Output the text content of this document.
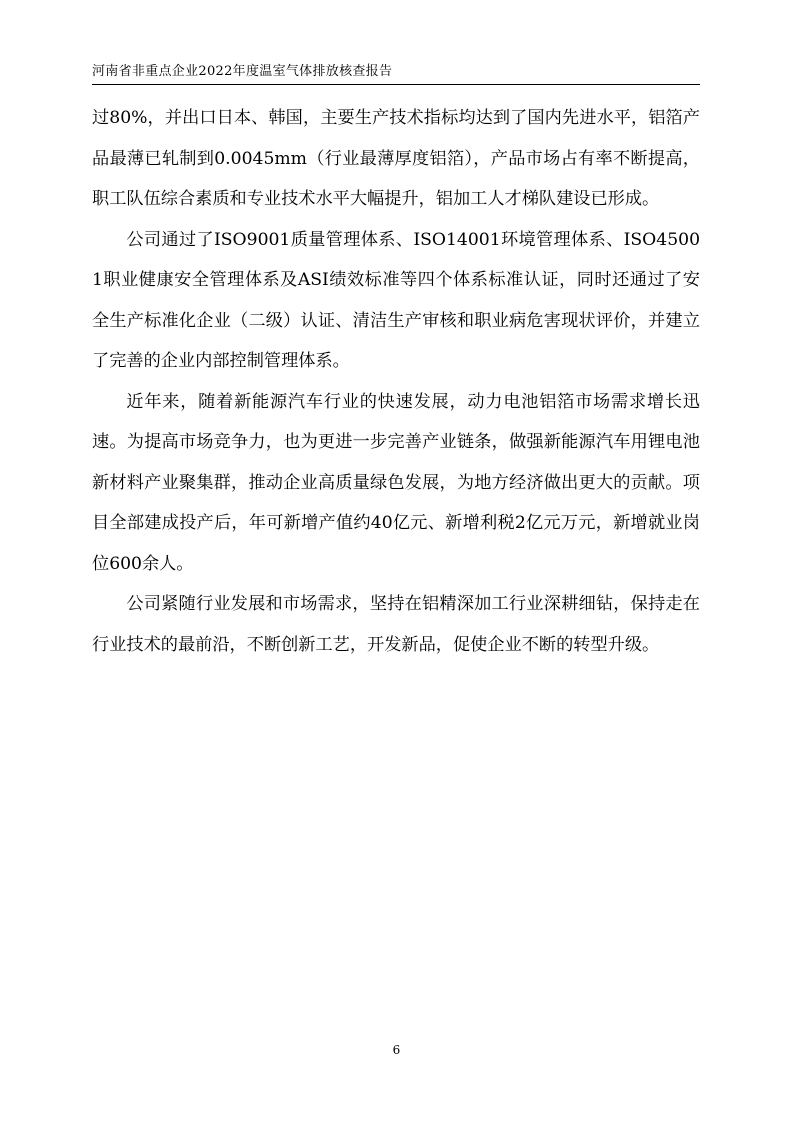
河南省非重点企业2022年度温室气体排放核查报告

过80%，并出口日本、韩国，主要生产技术指标均达到了国内先进水平，铝箔产品最薄已轧制到0.0045mm（行业最薄厚度铝箔），产品市场占有率不断提高，职工队伍综合素质和专业技术水平大幅提升，铝加工人才梯队建设已形成。

公司通过了ISO9001质量管理体系、ISO14001环境管理体系、ISO45001职业健康安全管理体系及ASI绩效标准等四个体系标准认证，同时还通过了安全生产标准化企业（二级）认证、清洁生产审核和职业病危害现状评价，并建立了完善的企业内部控制管理体系。

近年来，随着新能源汽车行业的快速发展，动力电池铝箔市场需求增长迅速。为提高市场竞争力，也为更进一步完善产业链条，做强新能源汽车用锂电池新材料产业聚集群，推动企业高质量绿色发展，为地方经济做出更大的贡献。项目全部建成投产后，年可新增产值约40亿元、新增利税2亿元万元，新增就业岗位600余人。

公司紧随行业发展和市场需求，坚持在铝精深加工行业深耕细钻，保持走在行业技术的最前沿，不断创新工艺，开发新品，促使企业不断的转型升级。

6
